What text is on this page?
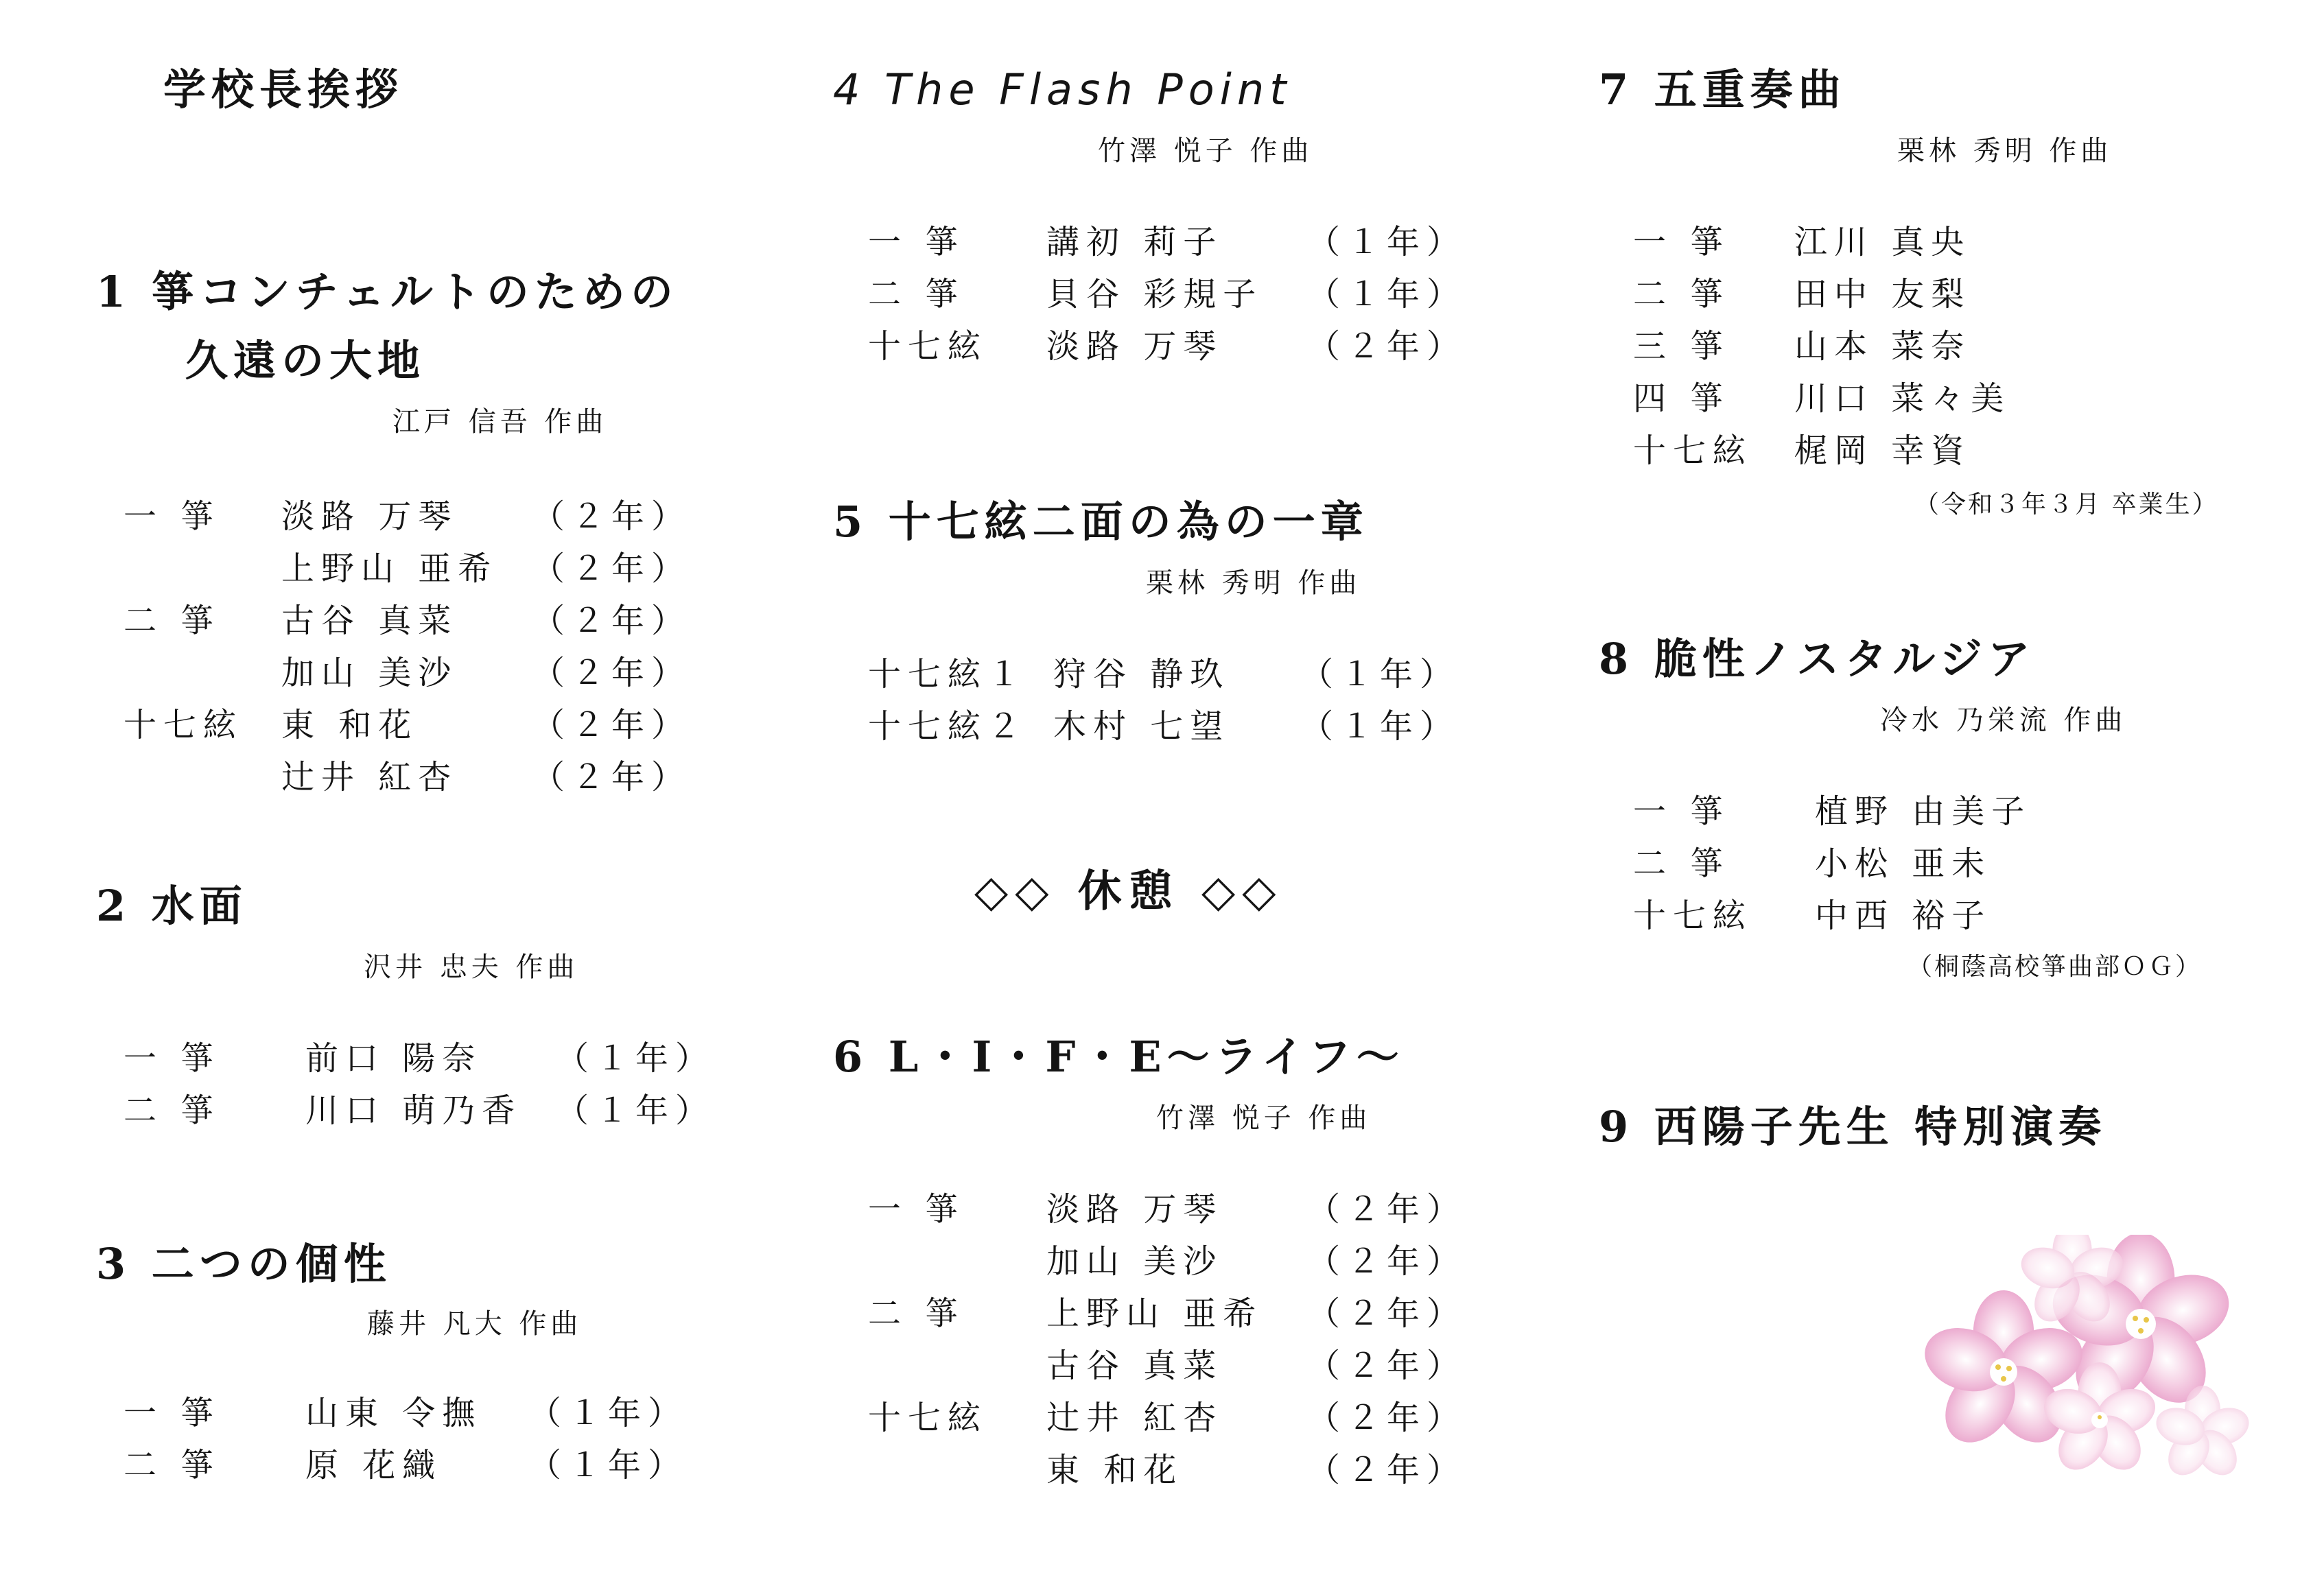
学校長挨拶
1 箏コンチェルトのための
久遠の大地
江戸 信吾 作曲
一 箏 淡路 万琴 （２年）
上野山 亜希 （２年）
二 箏 古谷 真菜 （２年）
加山 美沙 （２年）
十七絃 東 和花	（２年）
辻井 紅杏 （２年）
2 水面
沢井 忠夫 作曲
一 箏	前口 陽奈 （１年）
二 箏	川口 萌乃香 （１年）
3 二つの個性
藤井 凡大 作曲
一 箏	山東 令撫 （１年）
二 箏	原 花織	（１年）
4 The Flash Point
竹澤 悦子 作曲
一 箏 講初 莉子	（１年）
二 箏 貝谷 彩規子 （１年）
十七絃 淡路 万琴	（２年）
5 十七絃二面の為の一章
栗林 秀明 作曲
十七絃１ 狩谷 静玖 （１年）
十七絃２ 木村 七望 （１年）
◇◇ 休憩 ◇◇
6 L・I・F・E～ライフ～
竹澤 悦子 作曲
一 箏 淡路 万琴	（２年）
加山 美沙	（２年）
二 箏 上野山 亜希 （２年）
古谷 真菜	（２年）
十七絃 辻井 紅杏	（２年）
東 和花	（２年）
7 五重奏曲
栗林 秀明 作曲
一 箏 江川 真央
二 箏 田中 友梨
三 箏 山本 菜奈
四 箏 川口 菜々美
十七絃 梶岡 幸資
（令和３年３月 卒業生）
8 脆性ノスタルジア
冷水 乃栄流 作曲
一 箏	植野 由美子
二 箏	小松 亜未
十七絃 中西 裕子
（桐蔭高校箏曲部ＯＧ）
9 西陽子先生 特別演奏
